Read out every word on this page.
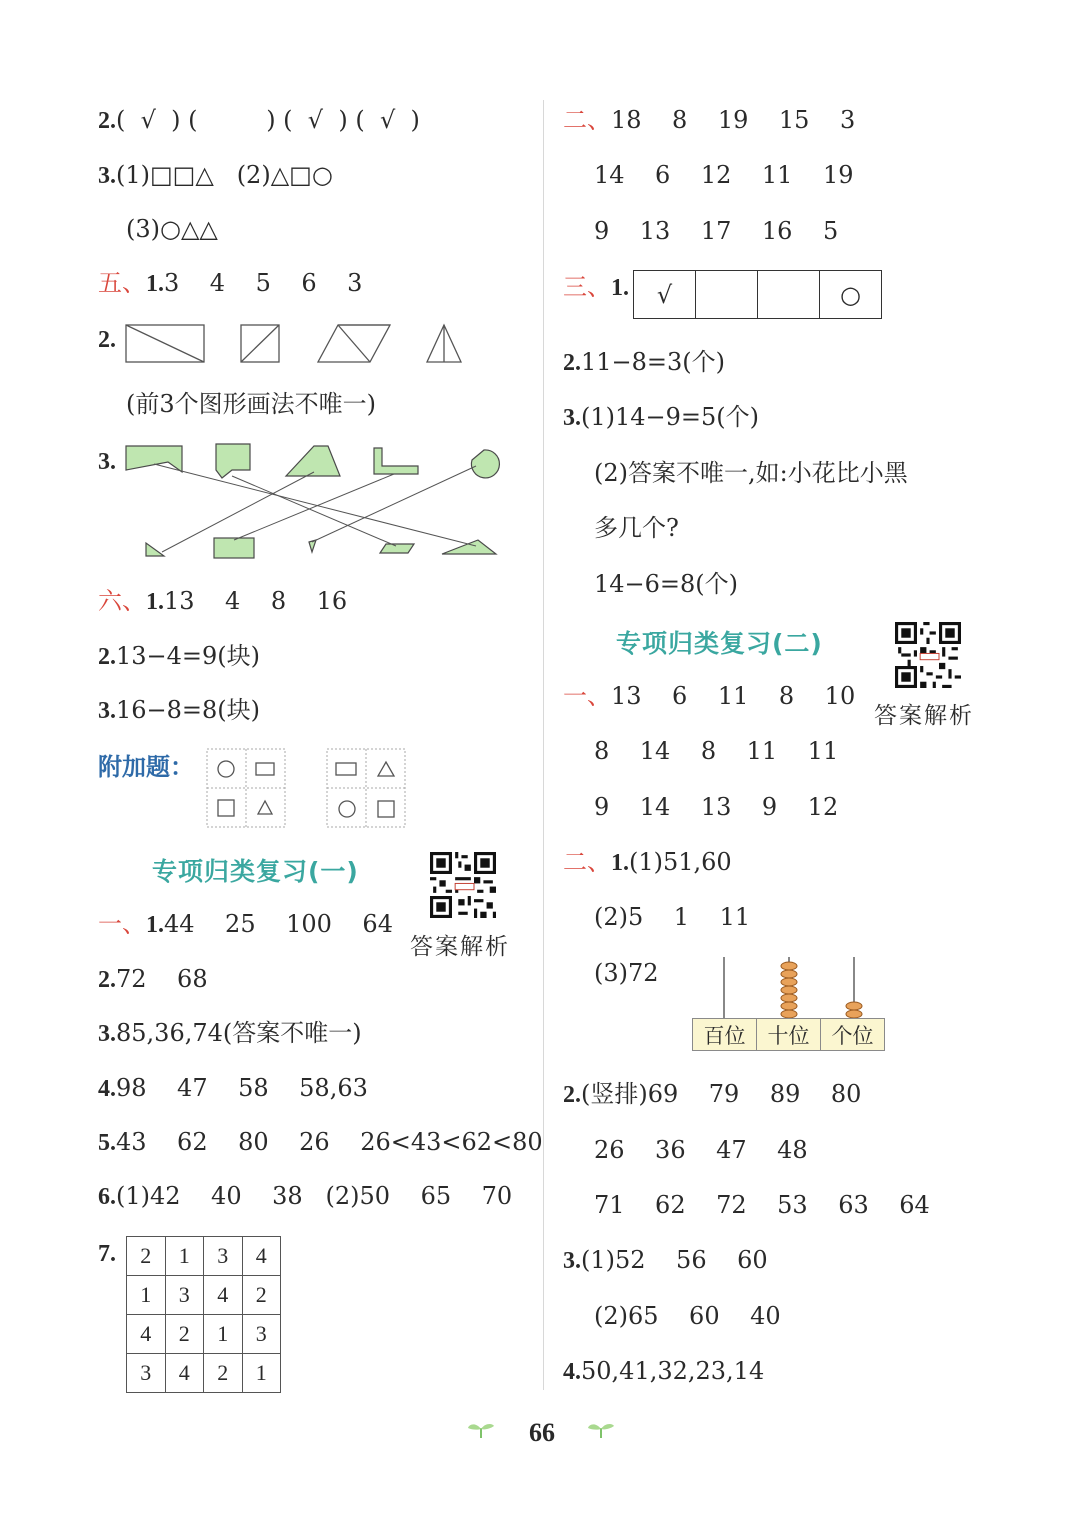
2.(  √  ) (         ) (  √  ) (  √  )
3.(1)□□△   (2)△□○
(3)○△△
五、1.3    4    5    6    3
2.
(前3个图形画法不唯一)
3.
六、1.13    4    8    16
2.13−4=9(块)
3.16−8=8(块)
附加题：
专项归类复习(一)
答案解析
一、1.44    25    100    64
2.72    68
3.85,36,74(答案不唯一)
4.98    47    58    58,63
5.43    62    80    26    26<43<62<80
6.(1)42    40    38   (2)50    65    70
7. 2	1	3	4
1	3	4	2
4	2	1	3
3	4	2	1
二、18    8    19    15    3
14    6    12    11    19
9    13    17    16    5
三、1. √			○
2.11−8=3(个)
3.(1)14−9=5(个)
(2)答案不唯一,如:小花比小黑
多几个?
14−6=8(个)
专项归类复习(二)
答案解析
一、13    6    11    8    10
8    14    8    11    11
9    14    13    9    12
二、1.(1)51,60
(2)5    1    11
(3)72
百位	十位	个位
2.(竖排)69    79    89    80
26    36    47    48
71    62    72    53    63    64
3.(1)52    56    60
(2)65    60    40
4.50,41,32,23,14
66
